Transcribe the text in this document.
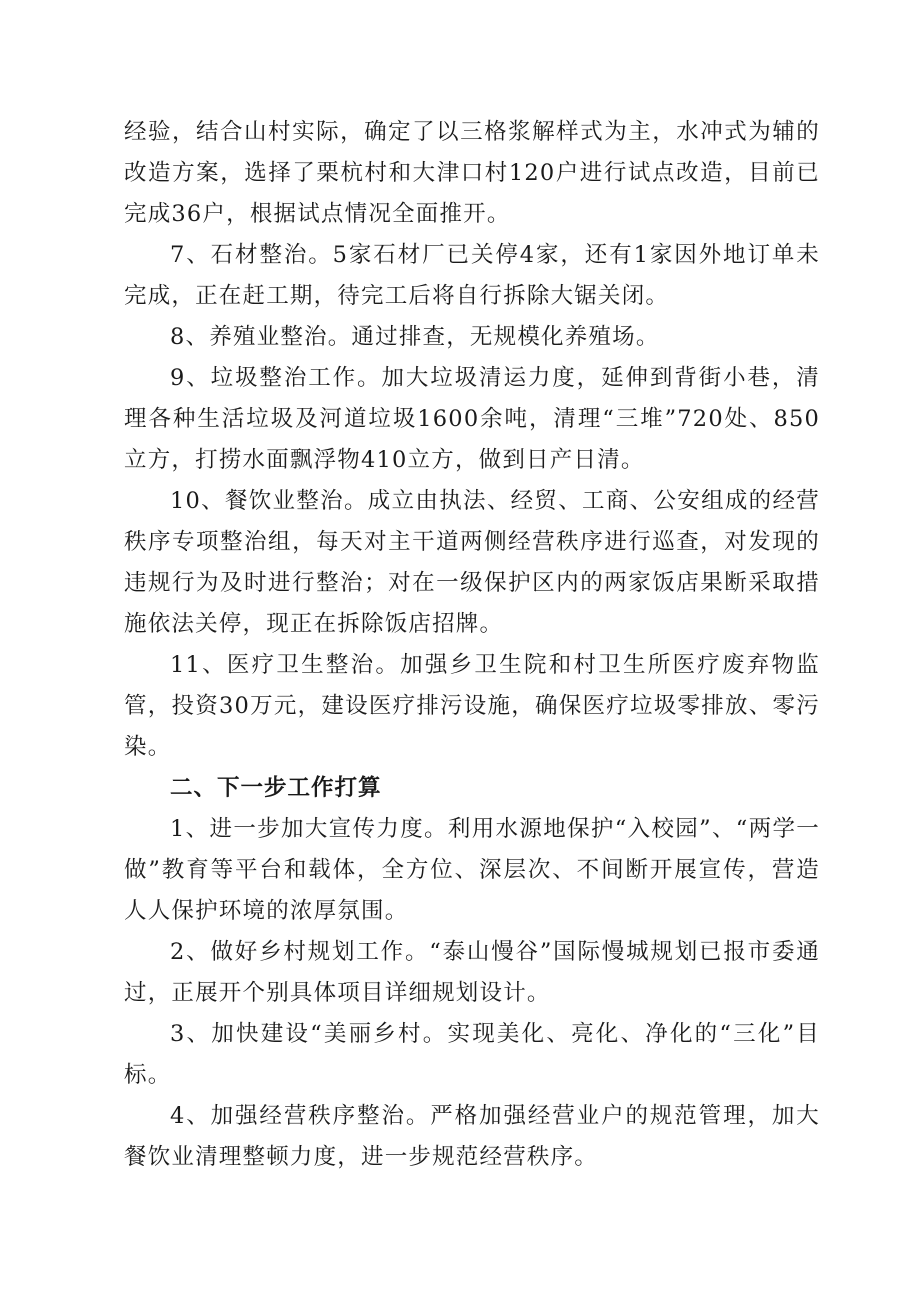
经验，结合山村实际，确定了以三格浆解样式为主，水冲式为辅的改造方案，选择了栗杭村和大津口村120户进行试点改造，目前已完成36户，根据试点情况全面推开。

7、石材整治。5家石材厂已关停4家，还有1家因外地订单未完成，正在赶工期，待完工后将自行拆除大锯关闭。

8、养殖业整治。通过排查，无规模化养殖场。

9、垃圾整治工作。加大垃圾清运力度，延伸到背街小巷，清理各种生活垃圾及河道垃圾1600余吨，清理“三堆”720处、850立方，打捞水面飘浮物410立方，做到日产日清。

10、餐饮业整治。成立由执法、经贸、工商、公安组成的经营秩序专项整治组，每天对主干道两侧经营秩序进行巡查，对发现的违规行为及时进行整治；对在一级保护区内的两家饭店果断采取措施依法关停，现正在拆除饭店招牌。

11、医疗卫生整治。加强乡卫生院和村卫生所医疗废弃物监管，投资30万元，建设医疗排污设施，确保医疗垃圾零排放、零污染。

二、下一步工作打算

1、进一步加大宣传力度。利用水源地保护“入校园”、“两学一做”教育等平台和载体，全方位、深层次、不间断开展宣传，营造人人保护环境的浓厚氛围。

2、做好乡村规划工作。“泰山慢谷”国际慢城规划已报市委通过，正展开个别具体项目详细规划设计。

3、加快建设“美丽乡村。实现美化、亮化、净化的“三化”目标。

4、加强经营秩序整治。严格加强经营业户的规范管理，加大餐饮业清理整顿力度，进一步规范经营秩序。
